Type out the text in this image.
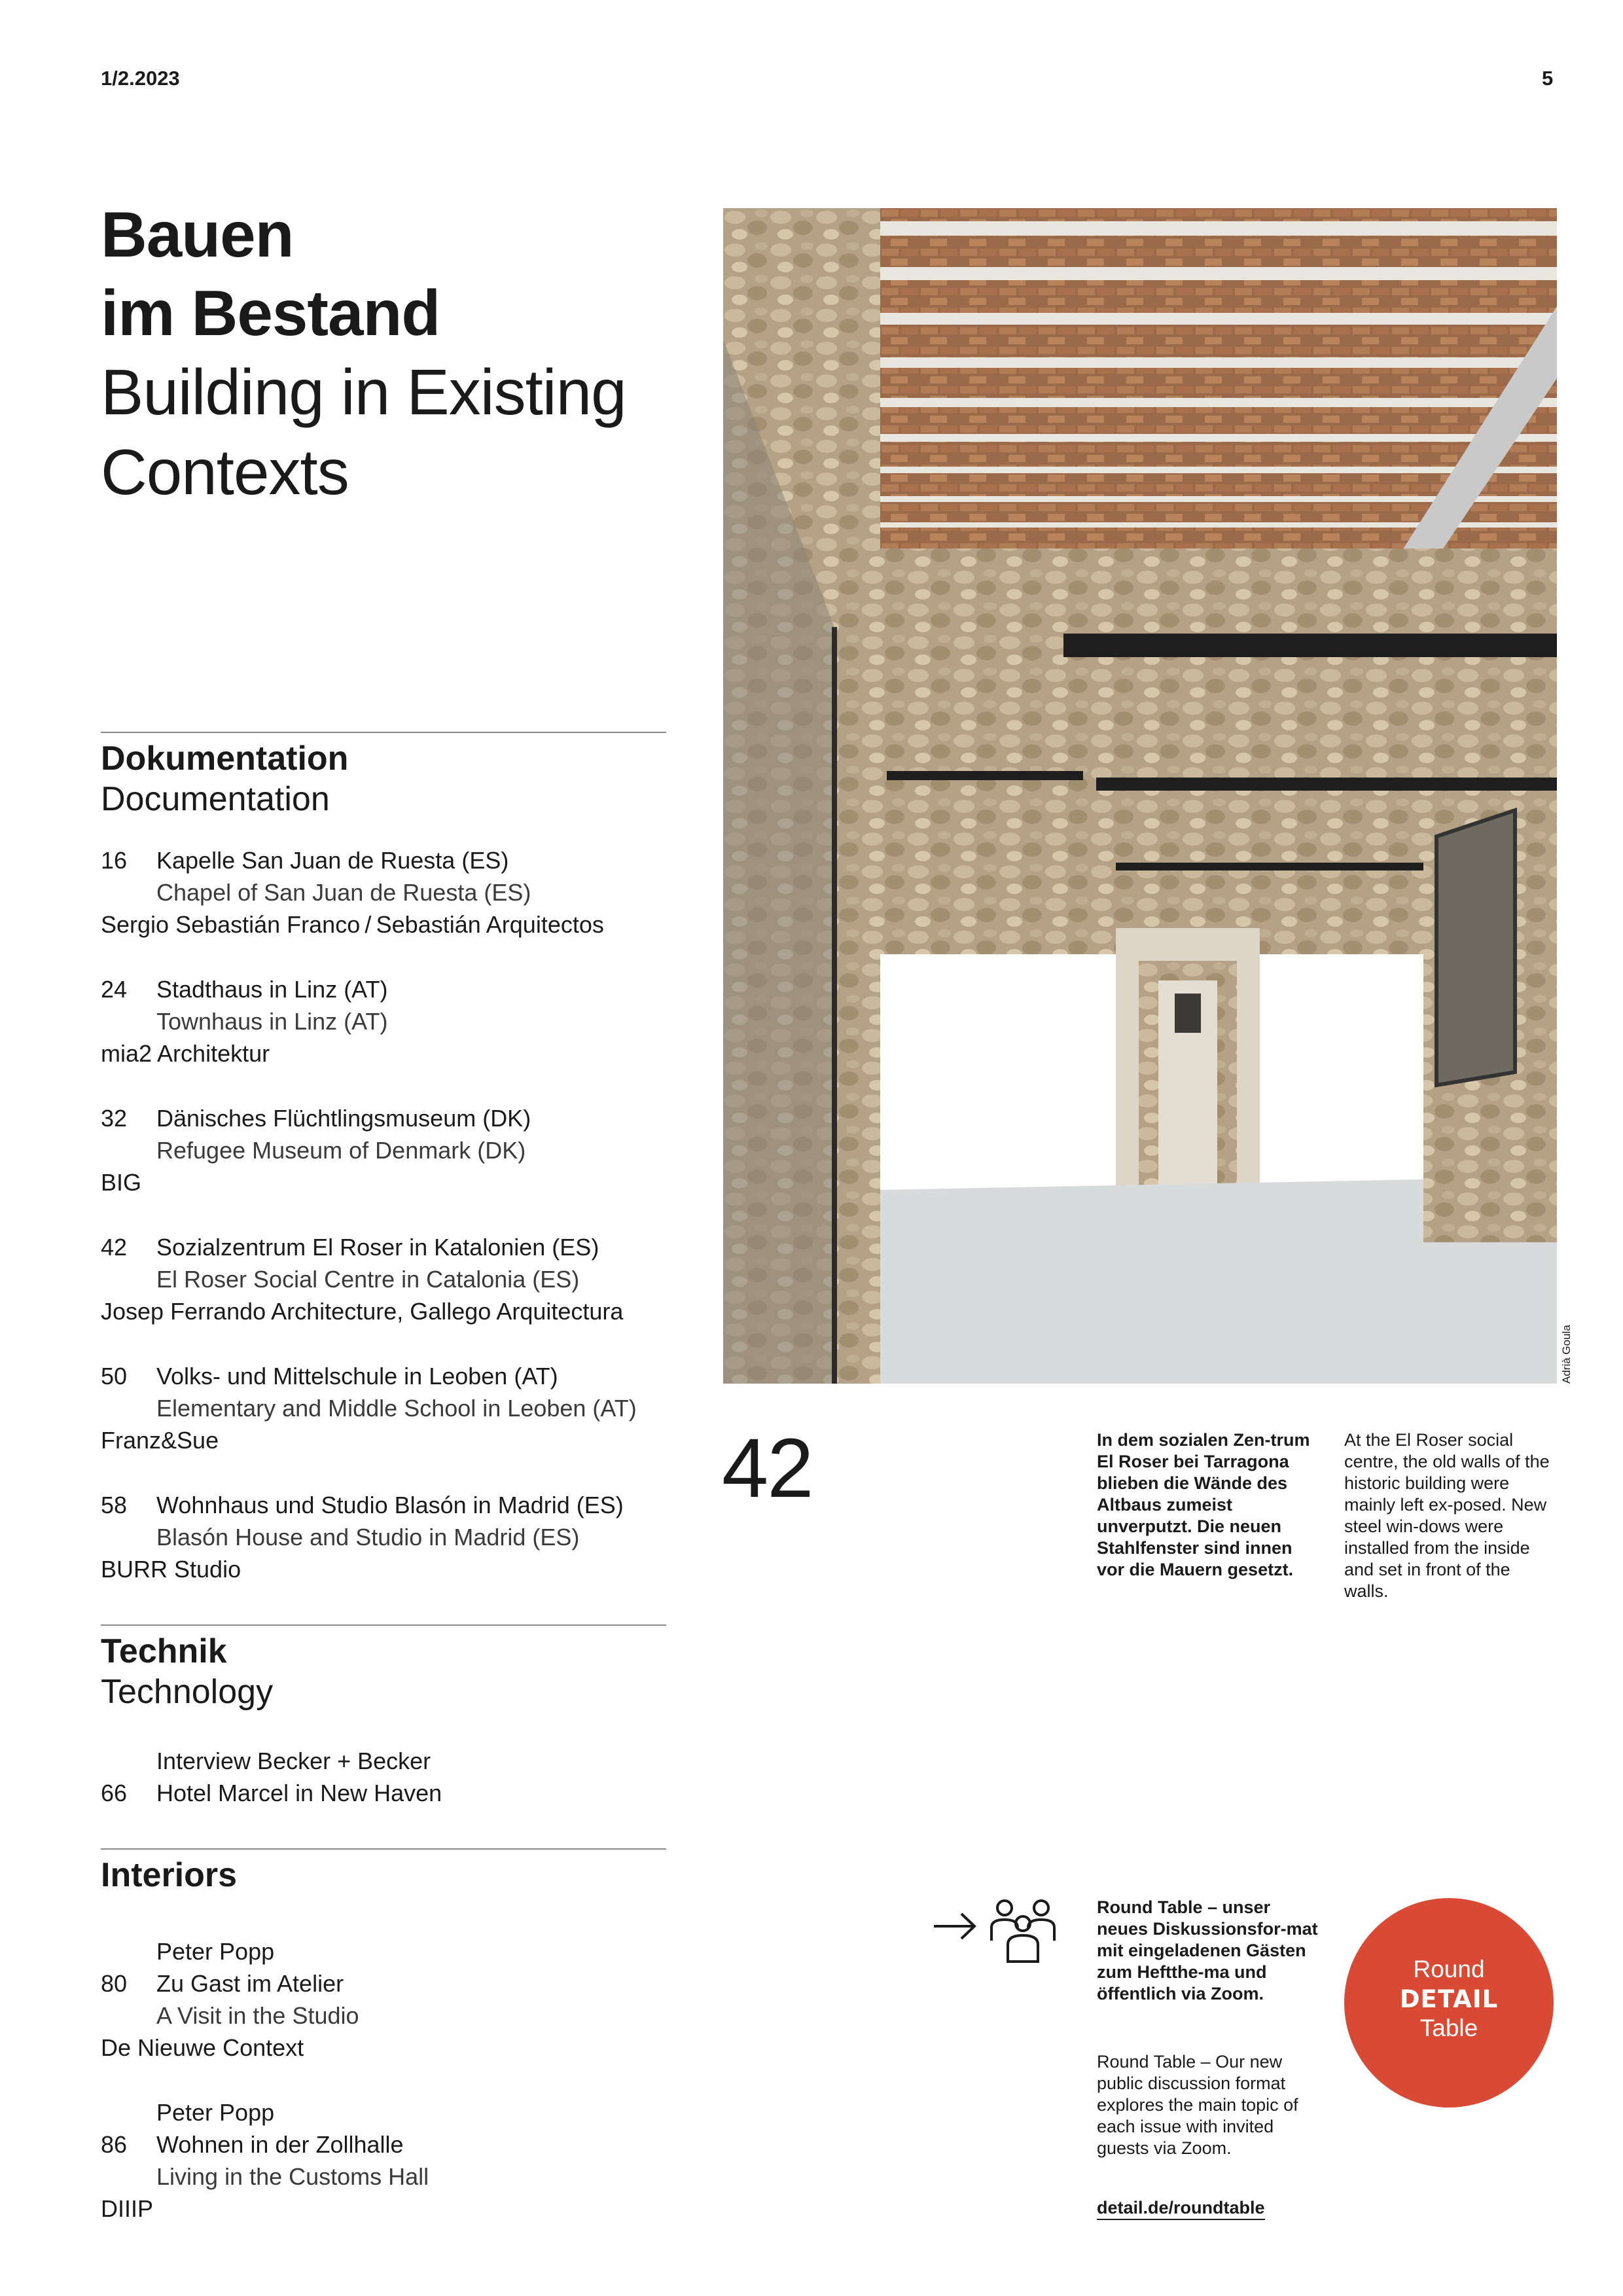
1/2.2023	5
Bauen
im Bestand
Building in Existing
Contexts
Dokumentation
Documentation
16 Kapelle San Juan de Ruesta (ES)
Chapel of San Juan de Ruesta (ES)
Sergio Sebastián Franco / Sebastián Arquitectos
24 Stadthaus in Linz (AT)
Townhaus in Linz (AT)
mia2 Architektur
32 Dänisches Flüchtlingsmuseum (DK)
Refugee Museum of Denmark (DK)
BIG
42 Sozialzentrum El Roser in Katalonien (ES)
El Roser Social Centre in Catalonia (ES)
Josep Ferrando Architecture, Gallego Arquitectura
50 Volks- und Mittelschule in Leoben (AT)
Elementary and Middle School in Leoben (AT)
Franz&Sue
58 Wohnhaus und Studio Blasón in Madrid (ES)
Blasón House and Studio in Madrid (ES)
BURR Studio
Technik
Technology
Interview Becker + Becker
66 Hotel Marcel in New Haven
Interiors
Peter Popp
80 Zu Gast im Atelier
A Visit in the Studio
De Nieuwe Context
Peter Popp
86 Wohnen in der Zollhalle
Living in the Customs Hall
DIIIP
Adrià Goula
42	In dem sozialen Zen-trum El Roser bei Tarragona blieben die Wände des Altbaus zumeist unverputzt. Die neuen Stahlfenster sind innen vor die Mauern gesetzt.
At the El Roser social centre, the old walls of the historic building were mainly left ex-posed. New steel win-dows were installed from the inside and set in front of the walls.
Round Table – unser neues Diskussionsfor-mat mit eingeladenen Gästen zum Heftthe-ma und öffentlich via Zoom.
Round Table – Our new public discussion format explores the main topic of each issue with invited guests via Zoom.
detail.de/roundtable
Round
DETAIL
Table
